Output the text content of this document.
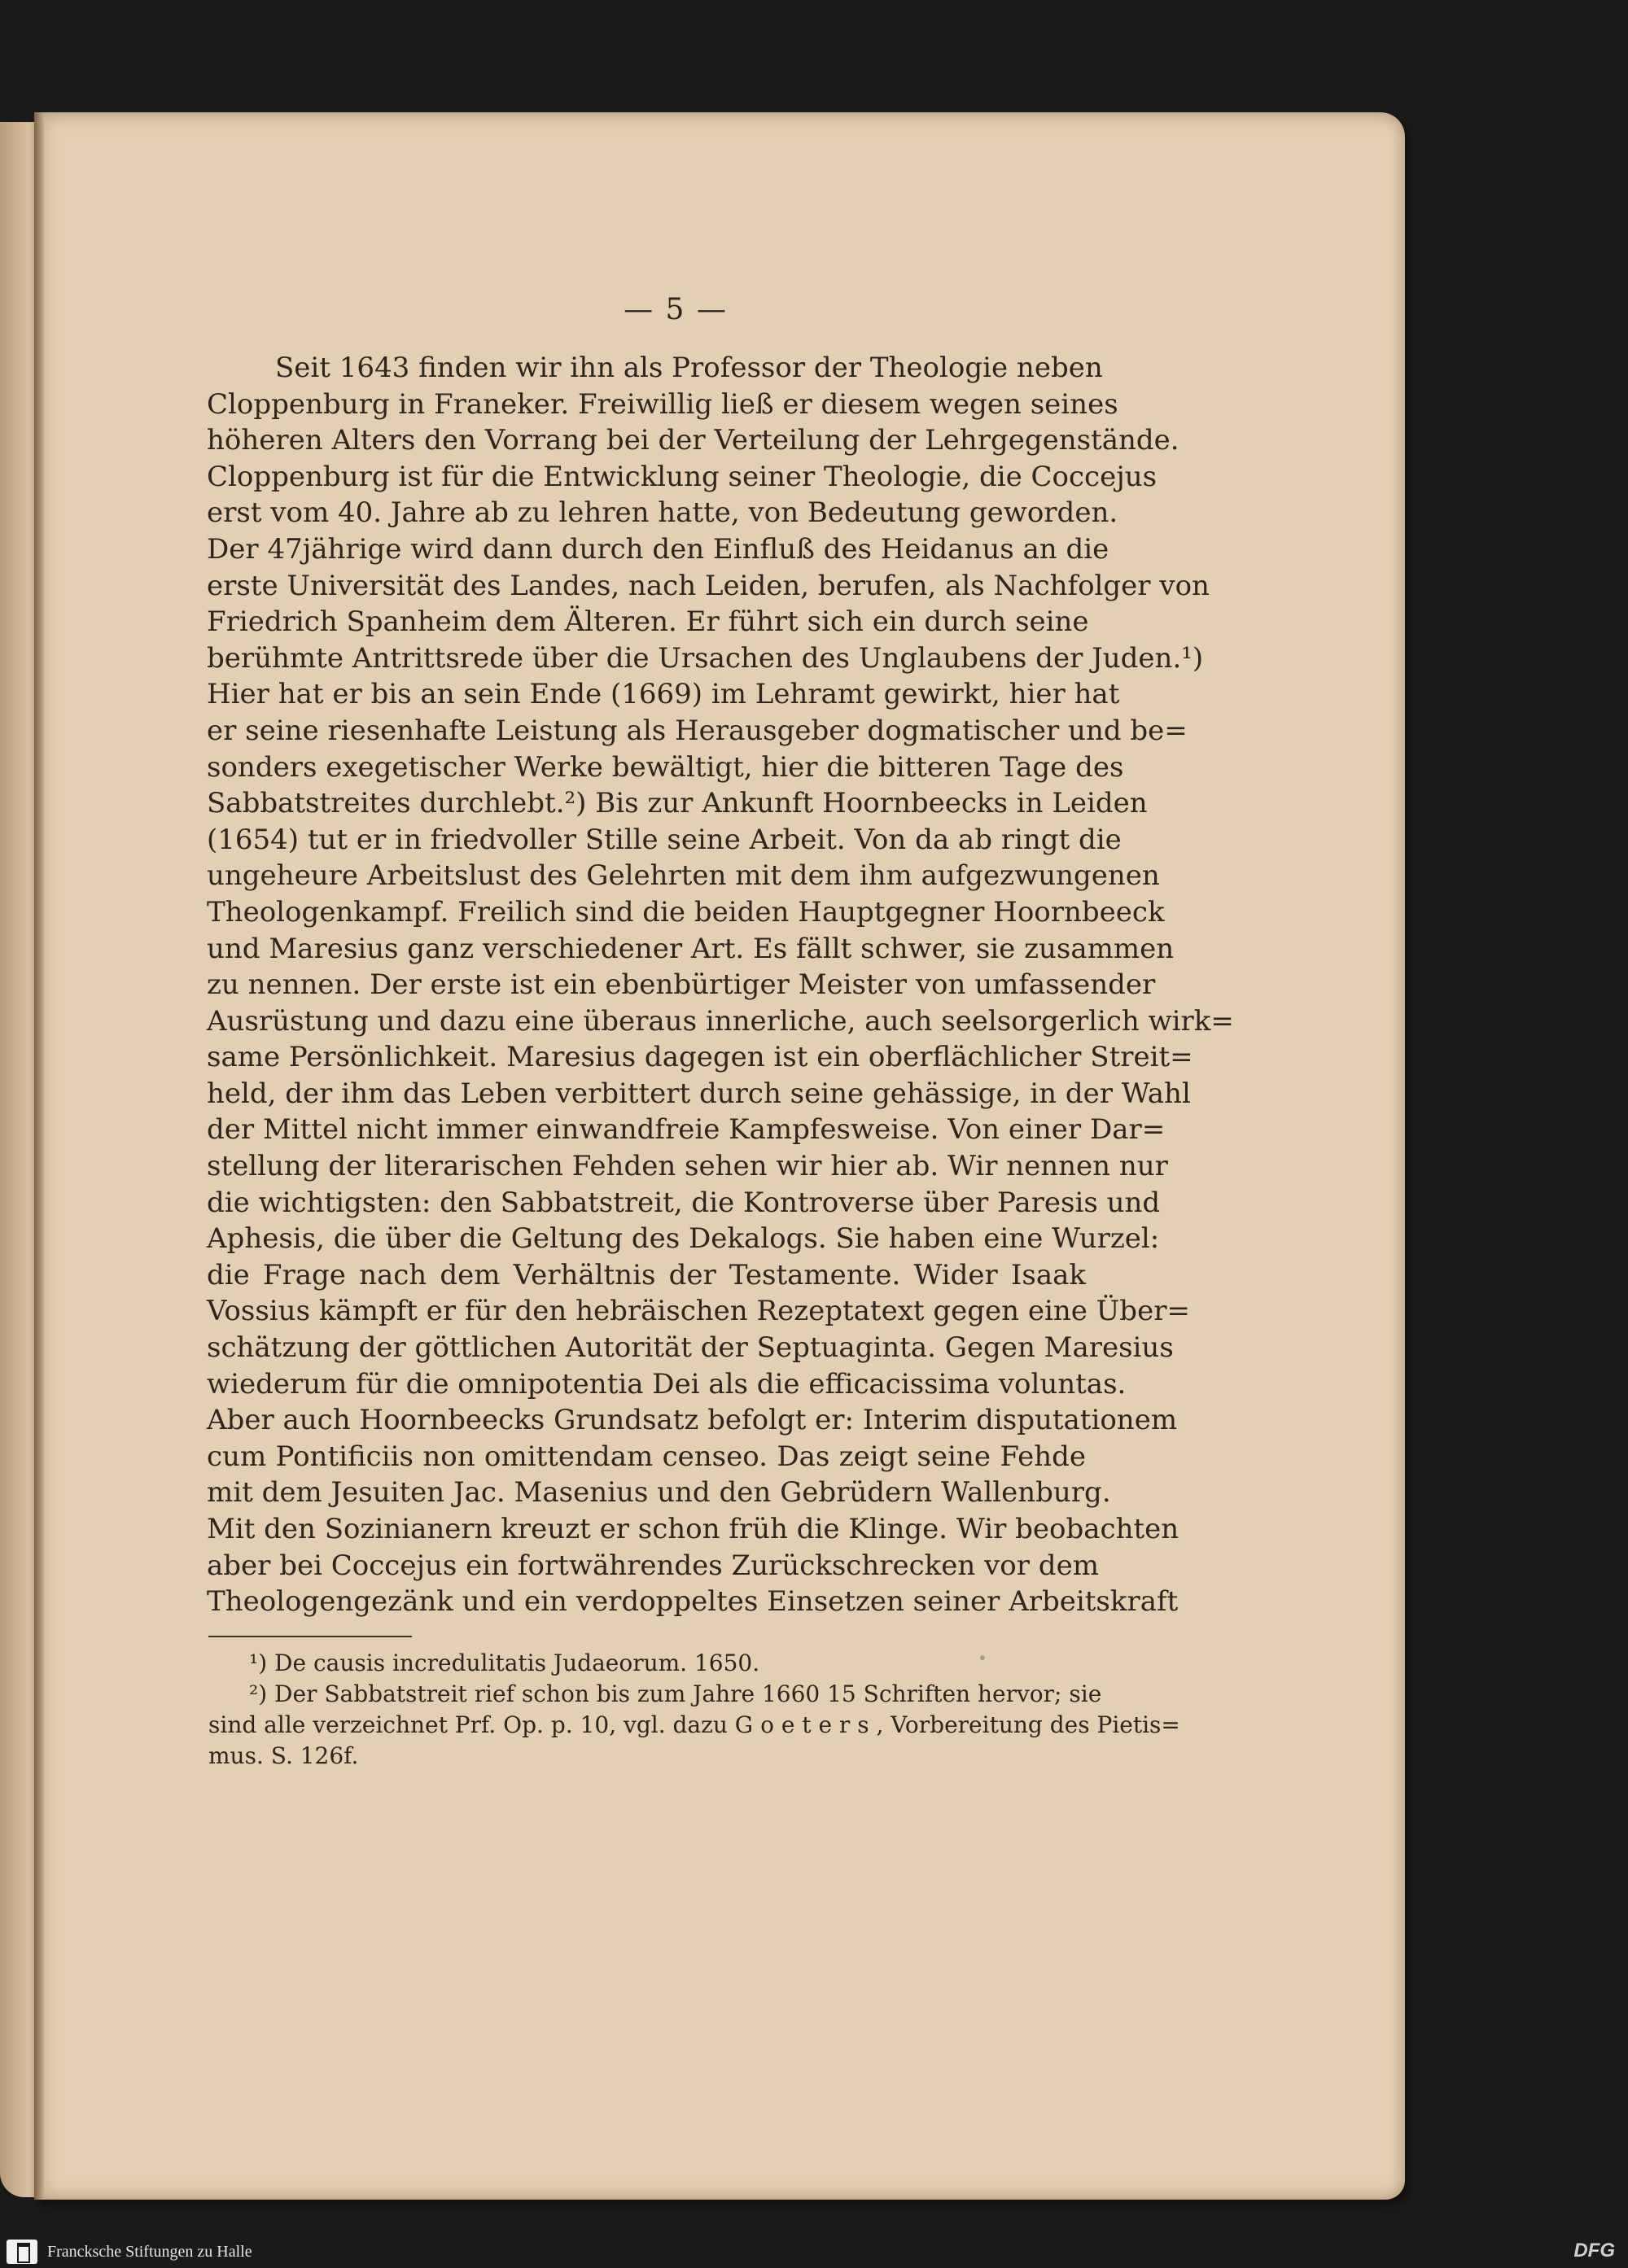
— 5 —
Seit 1643 finden wir ihn als Professor der Theologie neben
Cloppenburg in Franeker. Freiwillig ließ er diesem wegen seines
höheren Alters den Vorrang bei der Verteilung der Lehrgegenstände.
Cloppenburg ist für die Entwicklung seiner Theologie, die Coccejus
erst vom 40. Jahre ab zu lehren hatte, von Bedeutung geworden.
Der 47jährige wird dann durch den Einfluß des Heidanus an die
erste Universität des Landes, nach Leiden, berufen, als Nachfolger von
Friedrich Spanheim dem Älteren. Er führt sich ein durch seine
berühmte Antrittsrede über die Ursachen des Unglaubens der Juden.¹)
Hier hat er bis an sein Ende (1669) im Lehramt gewirkt, hier hat
er seine riesenhafte Leistung als Herausgeber dogmatischer und be=
sonders exegetischer Werke bewältigt, hier die bitteren Tage des
Sabbatstreites durchlebt.²) Bis zur Ankunft Hoornbeecks in Leiden
(1654) tut er in friedvoller Stille seine Arbeit. Von da ab ringt die
ungeheure Arbeitslust des Gelehrten mit dem ihm aufgezwungenen
Theologenkampf. Freilich sind die beiden Hauptgegner Hoornbeeck
und Maresius ganz verschiedener Art. Es fällt schwer, sie zusammen
zu nennen. Der erste ist ein ebenbürtiger Meister von umfassender
Ausrüstung und dazu eine überaus innerliche, auch seelsorgerlich wirk=
same Persönlichkeit. Maresius dagegen ist ein oberflächlicher Streit=
held, der ihm das Leben verbittert durch seine gehässige, in der Wahl
der Mittel nicht immer einwandfreie Kampfesweise. Von einer Dar=
stellung der literarischen Fehden sehen wir hier ab. Wir nennen nur
die wichtigsten: den Sabbatstreit, die Kontroverse über Paresis und
Aphesis, die über die Geltung des Dekalogs. Sie haben eine Wurzel:
die Frage nach dem Verhältnis der Testamente. Wider Isaak
Vossius kämpft er für den hebräischen Rezeptatext gegen eine Über=
schätzung der göttlichen Autorität der Septuaginta. Gegen Maresius
wiederum für die omnipotentia Dei als die efficacissima voluntas.
Aber auch Hoornbeecks Grundsatz befolgt er: Interim disputationem
cum Pontificiis non omittendam censeo. Das zeigt seine Fehde
mit dem Jesuiten Jac. Masenius und den Gebrüdern Wallenburg.
Mit den Sozinianern kreuzt er schon früh die Klinge. Wir beobachten
aber bei Coccejus ein fortwährendes Zurückschrecken vor dem
Theologengezänk und ein verdoppeltes Einsetzen seiner Arbeitskraft
¹) De causis incredulitatis Judaeorum. 1650.
²) Der Sabbatstreit rief schon bis zum Jahre 1660 15 Schriften hervor; sie
sind alle verzeichnet Prf. Op. p. 10, vgl. dazu G o e t e r s , Vorbereitung des Pietis=
mus. S. 126f.
Francksche Stiftungen zu Halle	DFG
